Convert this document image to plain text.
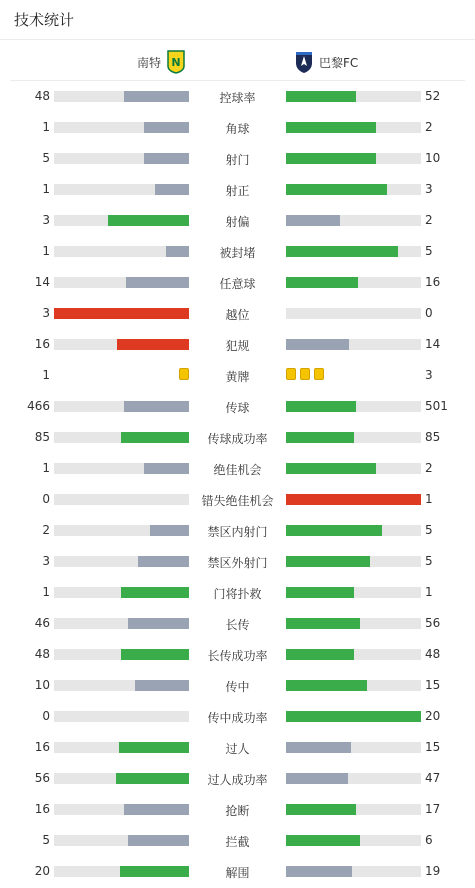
技术统计
南特 N	巴黎FC
48	控球率	52
1	角球	2
5	射门	10
1	射正	3
3	射偏	2
1	被封堵	5
14	任意球	16
3	越位	0
16	犯规	14
1	黄牌	3
466	传球	501
85	传球成功率	85
1	绝佳机会	2
0	错失绝佳机会	1
2	禁区内射门	5
3	禁区外射门	5
1	门将扑救	1
46	长传	56
48	长传成功率	48
10	传中	15
0	传中成功率	20
16	过人	15
56	过人成功率	47
16	抢断	17
5	拦截	6
20	解围	19
